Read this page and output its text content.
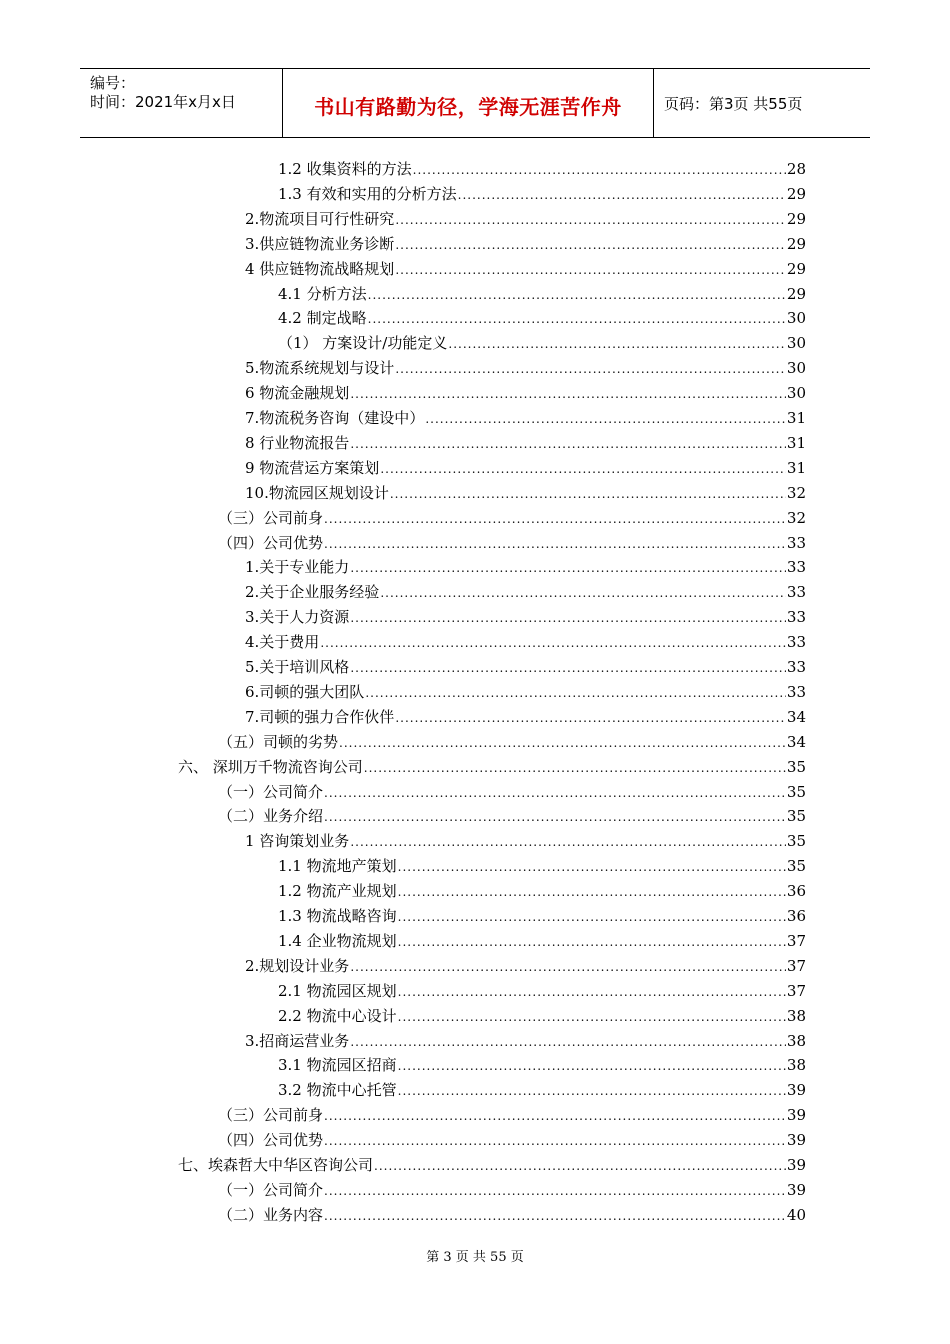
编号：
时间：2021年x月x日	书山有路勤为径，学海无涯苦作舟	页码：第3页 共55页
1.2 收集资料的方法 .....	28
1.3 有效和实用的分析方法 .....	29
2.物流项目可行性研究 .....	29
3.供应链物流业务诊断 .....	29
4 供应链物流战略规划 .....	29
4.1 分析方法 .....	29
4.2 制定战略 .....	30
（1） 方案设计/功能定义 .....	30
5.物流系统规划与设计 .....	30
6 物流金融规划 .....	30
7.物流税务咨询（建设中） .....	31
8 行业物流报告 .....	31
9 物流营运方案策划 .....	31
10.物流园区规划设计 .....	32
（三）公司前身 .....	32
（四）公司优势 .....	33
1.关于专业能力 .....	33
2.关于企业服务经验 .....	33
3.关于人力资源 .....	33
4.关于费用 .....	33
5.关于培训风格 .....	33
6.司顿的强大团队 .....	33
7.司顿的强力合作伙伴 .....	34
（五）司顿的劣势 .....	34
六、 深圳万千物流咨询公司 .....	35
（一）公司简介 .....	35
（二）业务介绍 .....	35
1 咨询策划业务 .....	35
1.1 物流地产策划 .....	35
1.2 物流产业规划 .....	36
1.3 物流战略咨询 .....	36
1.4 企业物流规划 .....	37
2.规划设计业务 .....	37
2.1 物流园区规划 .....	37
2.2 物流中心设计 .....	38
3.招商运营业务 .....	38
3.1 物流园区招商 .....	38
3.2 物流中心托管 .....	39
（三）公司前身 .....	39
（四）公司优势 .....	39
七、埃森哲大中华区咨询公司 .....	39
（一）公司简介 .....	39
（二）业务内容 .....	40
第 3 页 共 55 页
